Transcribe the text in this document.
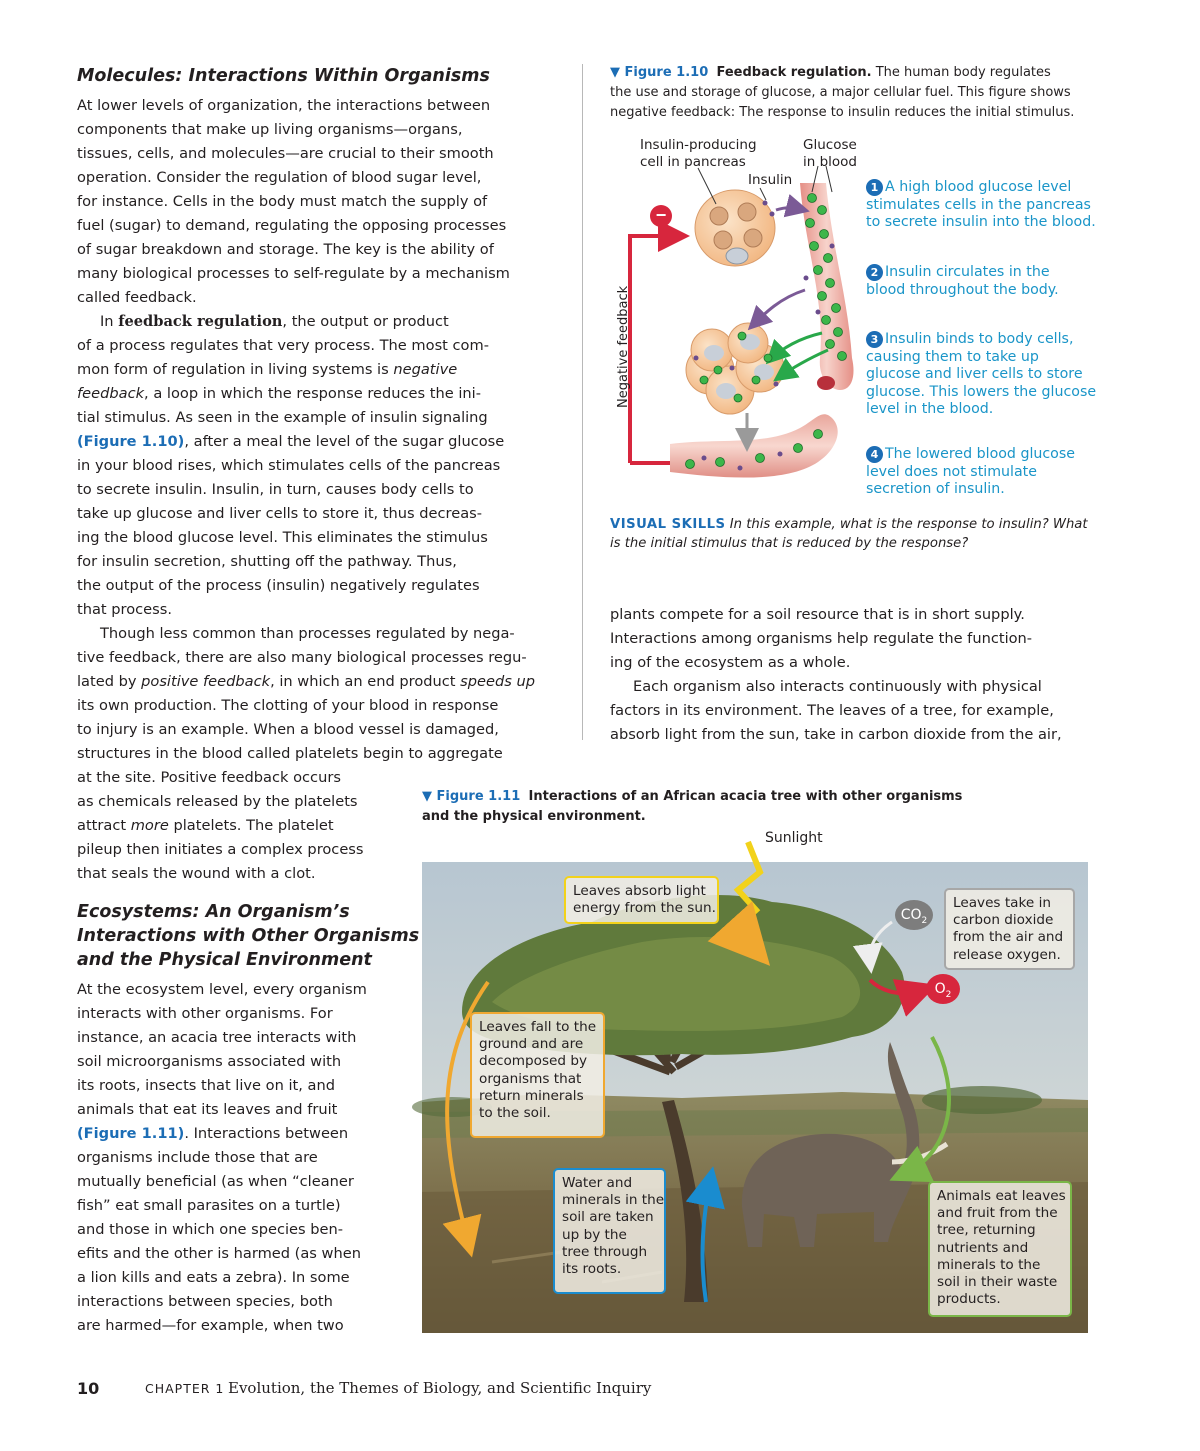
Molecules: Interactions Within Organisms
At lower levels of organization, the interactions between
components that make up living organisms—organs,
tissues, cells, and molecules—are crucial to their smooth
operation. Consider the regulation of blood sugar level,
for instance. Cells in the body must match the supply of
fuel (sugar) to demand, regulating the opposing processes
of sugar breakdown and storage. The key is the ability of
many biological processes to self-regulate by a mechanism
called feedback.
In feedback regulation, the output or product
of a process regulates that very process. The most com-
mon form of regulation in living systems is negative
feedback, a loop in which the response reduces the ini-
tial stimulus. As seen in the example of insulin signaling
(Figure 1.10), after a meal the level of the sugar glucose
in your blood rises, which stimulates cells of the pancreas
to secrete insulin. Insulin, in turn, causes body cells to
take up glucose and liver cells to store it, thus decreas-
ing the blood glucose level. This eliminates the stimulus
for insulin secretion, shutting off the pathway. Thus,
the output of the process (insulin) negatively regulates
that process.
Though less common than processes regulated by nega-
tive feedback, there are also many biological processes regu-
lated by positive feedback, in which an end product speeds up
its own production. The clotting of your blood in response
to injury is an example. When a blood vessel is damaged,
structures in the blood called platelets begin to aggregate
at the site. Positive feedback occurs
as chemicals released by the platelets
attract more platelets. The platelet
pileup then initiates a complex process
that seals the wound with a clot.
Ecosystems: An Organism’s
Interactions with Other Organisms
and the Physical Environment
At the ecosystem level, every organism
interacts with other organisms. For
instance, an acacia tree interacts with
soil microorganisms associated with
its roots, insects that live on it, and
animals that eat its leaves and fruit
(Figure 1.11). Interactions between
organisms include those that are
mutually beneficial (as when “cleaner
fish” eat small parasites on a turtle)
and those in which one species ben-
efits and the other is harmed (as when
a lion kills and eats a zebra). In some
interactions between species, both
are harmed—for example, when two
▼ Figure 1.10 Feedback regulation. The human body regulates
the use and storage of glucose, a major cellular fuel. This figure shows
negative feedback: The response to insulin reduces the initial stimulus.
−
Negative feedback
Insulin-producing
cell in pancreas
Glucose
in blood
Insulin	1 A high blood glucose level
stimulates cells in the pancreas
to secrete insulin into the blood.
2 Insulin circulates in the
blood throughout the body.
3 Insulin binds to body cells,
causing them to take up
glucose and liver cells to store
glucose. This lowers the glucose
level in the blood.
4 The lowered blood glucose
level does not stimulate
secretion of insulin.
VISUAL SKILLS In this example, what is the response to insulin? What
is the initial stimulus that is reduced by the response?
plants compete for a soil resource that is in short supply.
Interactions among organisms help regulate the function-
ing of the ecosystem as a whole.
Each organism also interacts continuously with physical
factors in its environment. The leaves of a tree, for example,
absorb light from the sun, take in carbon dioxide from the air,
▼ Figure 1.11 Interactions of an African acacia tree with other organisms
and the physical environment.
Sunlight
$CO_2$
$O_2$
Leaves absorb light
energy from the sun.	Leaves take in
carbon dioxide
from the air and
release oxygen.
Leaves fall to the
ground and are
decomposed by
organisms that
return minerals
to the soil.
Water and
minerals in the
soil are taken
up by the
tree through
its roots.
Animals eat leaves
and fruit from the
tree, returning
nutrients and
minerals to the
soil in their waste
products.
10	CHAPTER 1 Evolution, the Themes of Biology, and Scientific Inquiry
